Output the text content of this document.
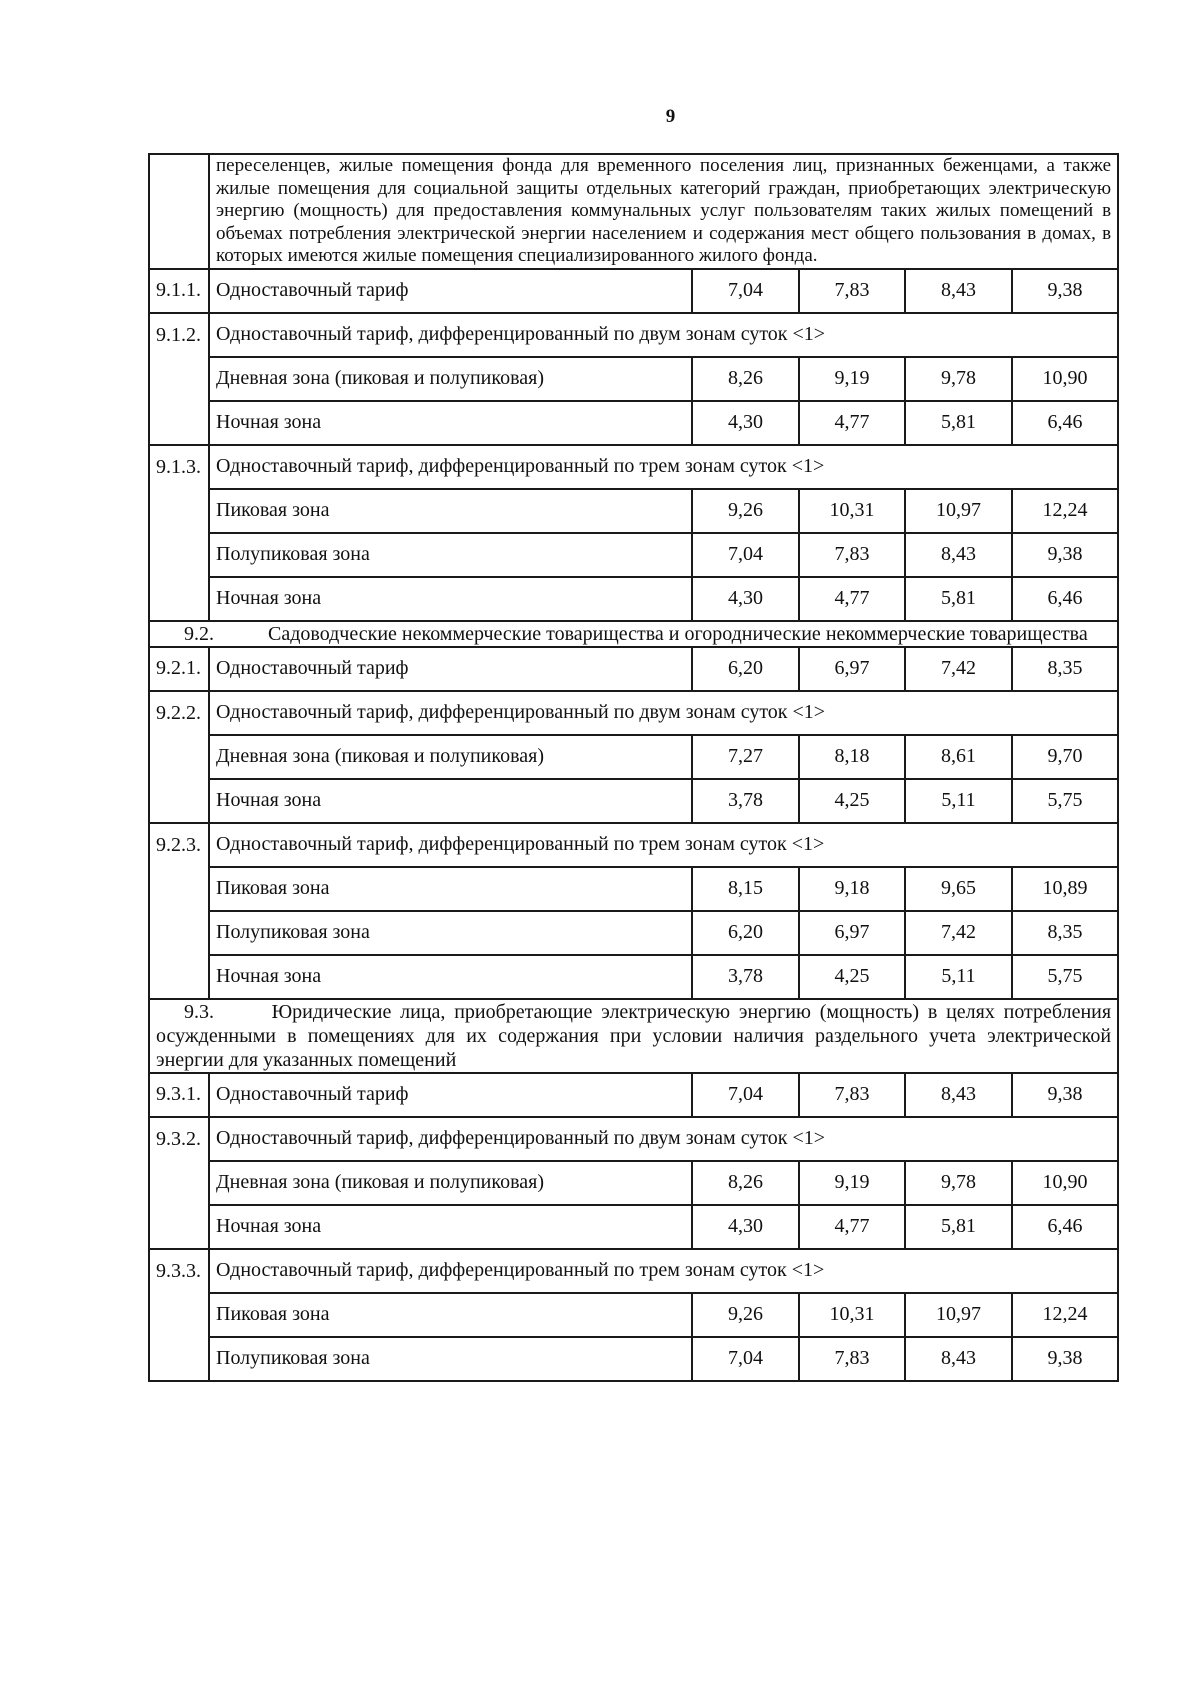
9
	переселенцев, жилые помещения фонда для временного поселения лиц, признанных беженцами, а также жилые помещения для социальной защиты отдельных категорий граждан, приобретающих электрическую энергию (мощность) для предоставления коммунальных услуг пользователям таких жилых помещений в объемах потребления электрической энергии населением и содержания мест общего пользования в домах, в которых имеются жилые помещения специализированного жилого фонда.				
9.1.1.	Одноставочный тариф	7,04	7,83	8,43	9,38
9.1.2.	Одноставочный тариф, дифференцированный по двум зонам суток <1>				
	Дневная зона (пиковая и полупиковая)	8,26	9,19	9,78	10,90
	Ночная зона	4,30	4,77	5,81	6,46
9.1.3.	Одноставочный тариф, дифференцированный по трем зонам суток <1>				
	Пиковая зона	9,26	10,31	10,97	12,24
	Полупиковая зона	7,04	7,83	8,43	9,38
	Ночная зона	4,30	4,77	5,81	6,46
9.2. Садоводческие некоммерческие товарищества и огороднические некоммерческие товарищества					
9.2.1.	Одноставочный тариф	6,20	6,97	7,42	8,35
9.2.2.	Одноставочный тариф, дифференцированный по двум зонам суток <1>				
	Дневная зона (пиковая и полупиковая)	7,27	8,18	8,61	9,70
	Ночная зона	3,78	4,25	5,11	5,75
9.2.3.	Одноставочный тариф, дифференцированный по трем зонам суток <1>				
	Пиковая зона	8,15	9,18	9,65	10,89
	Полупиковая зона	6,20	6,97	7,42	8,35
	Ночная зона	3,78	4,25	5,11	5,75
9.3. Юридические лица, приобретающие электрическую энергию (мощность) в целях потребления осужденными в помещениях для их содержания при условии наличия раздельного учета электрической энергии для указанных помещений					
9.3.1.	Одноставочный тариф	7,04	7,83	8,43	9,38
9.3.2.	Одноставочный тариф, дифференцированный по двум зонам суток <1>				
	Дневная зона (пиковая и полупиковая)	8,26	9,19	9,78	10,90
	Ночная зона	4,30	4,77	5,81	6,46
9.3.3.	Одноставочный тариф, дифференцированный по трем зонам суток <1>				
	Пиковая зона	9,26	10,31	10,97	12,24
	Полупиковая зона	7,04	7,83	8,43	9,38
